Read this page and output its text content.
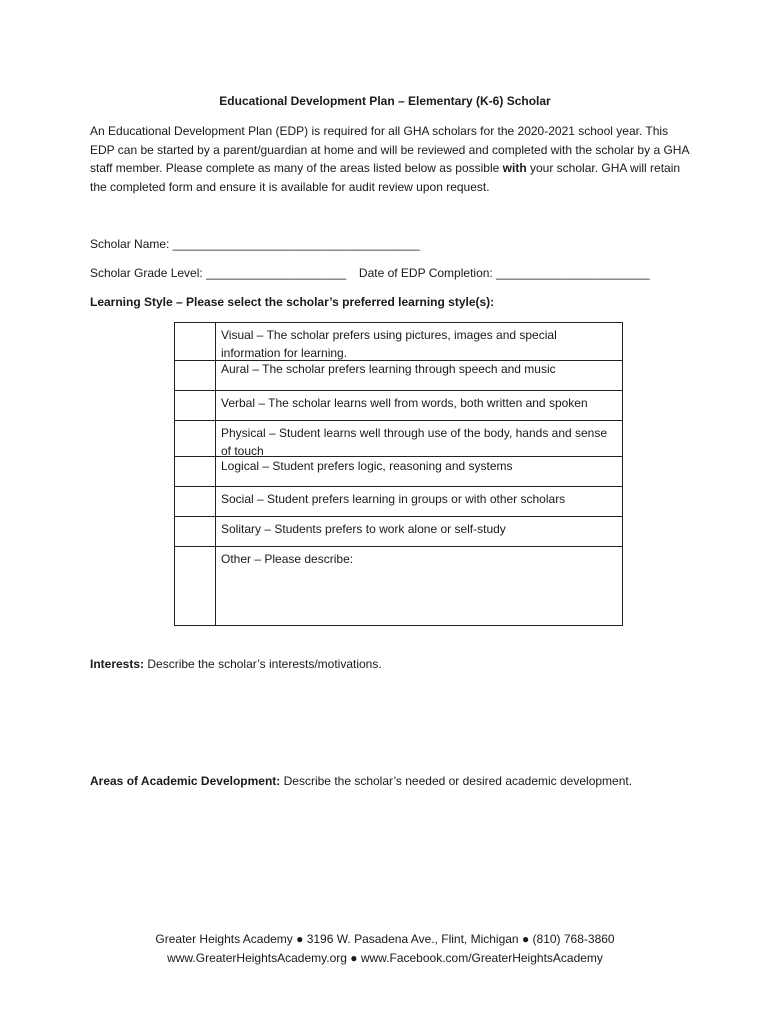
Educational Development Plan – Elementary (K-6) Scholar
An Educational Development Plan (EDP) is required for all GHA scholars for the 2020-2021 school year. This EDP can be started by a parent/guardian at home and will be reviewed and completed with the scholar by a GHA staff member. Please complete as many of the areas listed below as possible with your scholar. GHA will retain the completed form and ensure it is available for audit review upon request.
Scholar Name: _____________________________________
Scholar Grade Level: _____________________ Date of EDP Completion: _______________________
Learning Style – Please select the scholar’s preferred learning style(s):
Visual – The scholar prefers using pictures, images and special information for learning.
Aural – The scholar prefers learning through speech and music
Verbal – The scholar learns well from words, both written and spoken
Physical – Student learns well through use of the body, hands and sense of touch
Logical – Student prefers logic, reasoning and systems
Social – Student prefers learning in groups or with other scholars
Solitary – Students prefers to work alone or self-study
Other – Please describe:
Interests: Describe the scholar’s interests/motivations.
Areas of Academic Development: Describe the scholar’s needed or desired academic development.
Greater Heights Academy ● 3196 W. Pasadena Ave., Flint, Michigan ● (810) 768-3860
www.GreaterHeightsAcademy.org ● www.Facebook.com/GreaterHeightsAcademy
